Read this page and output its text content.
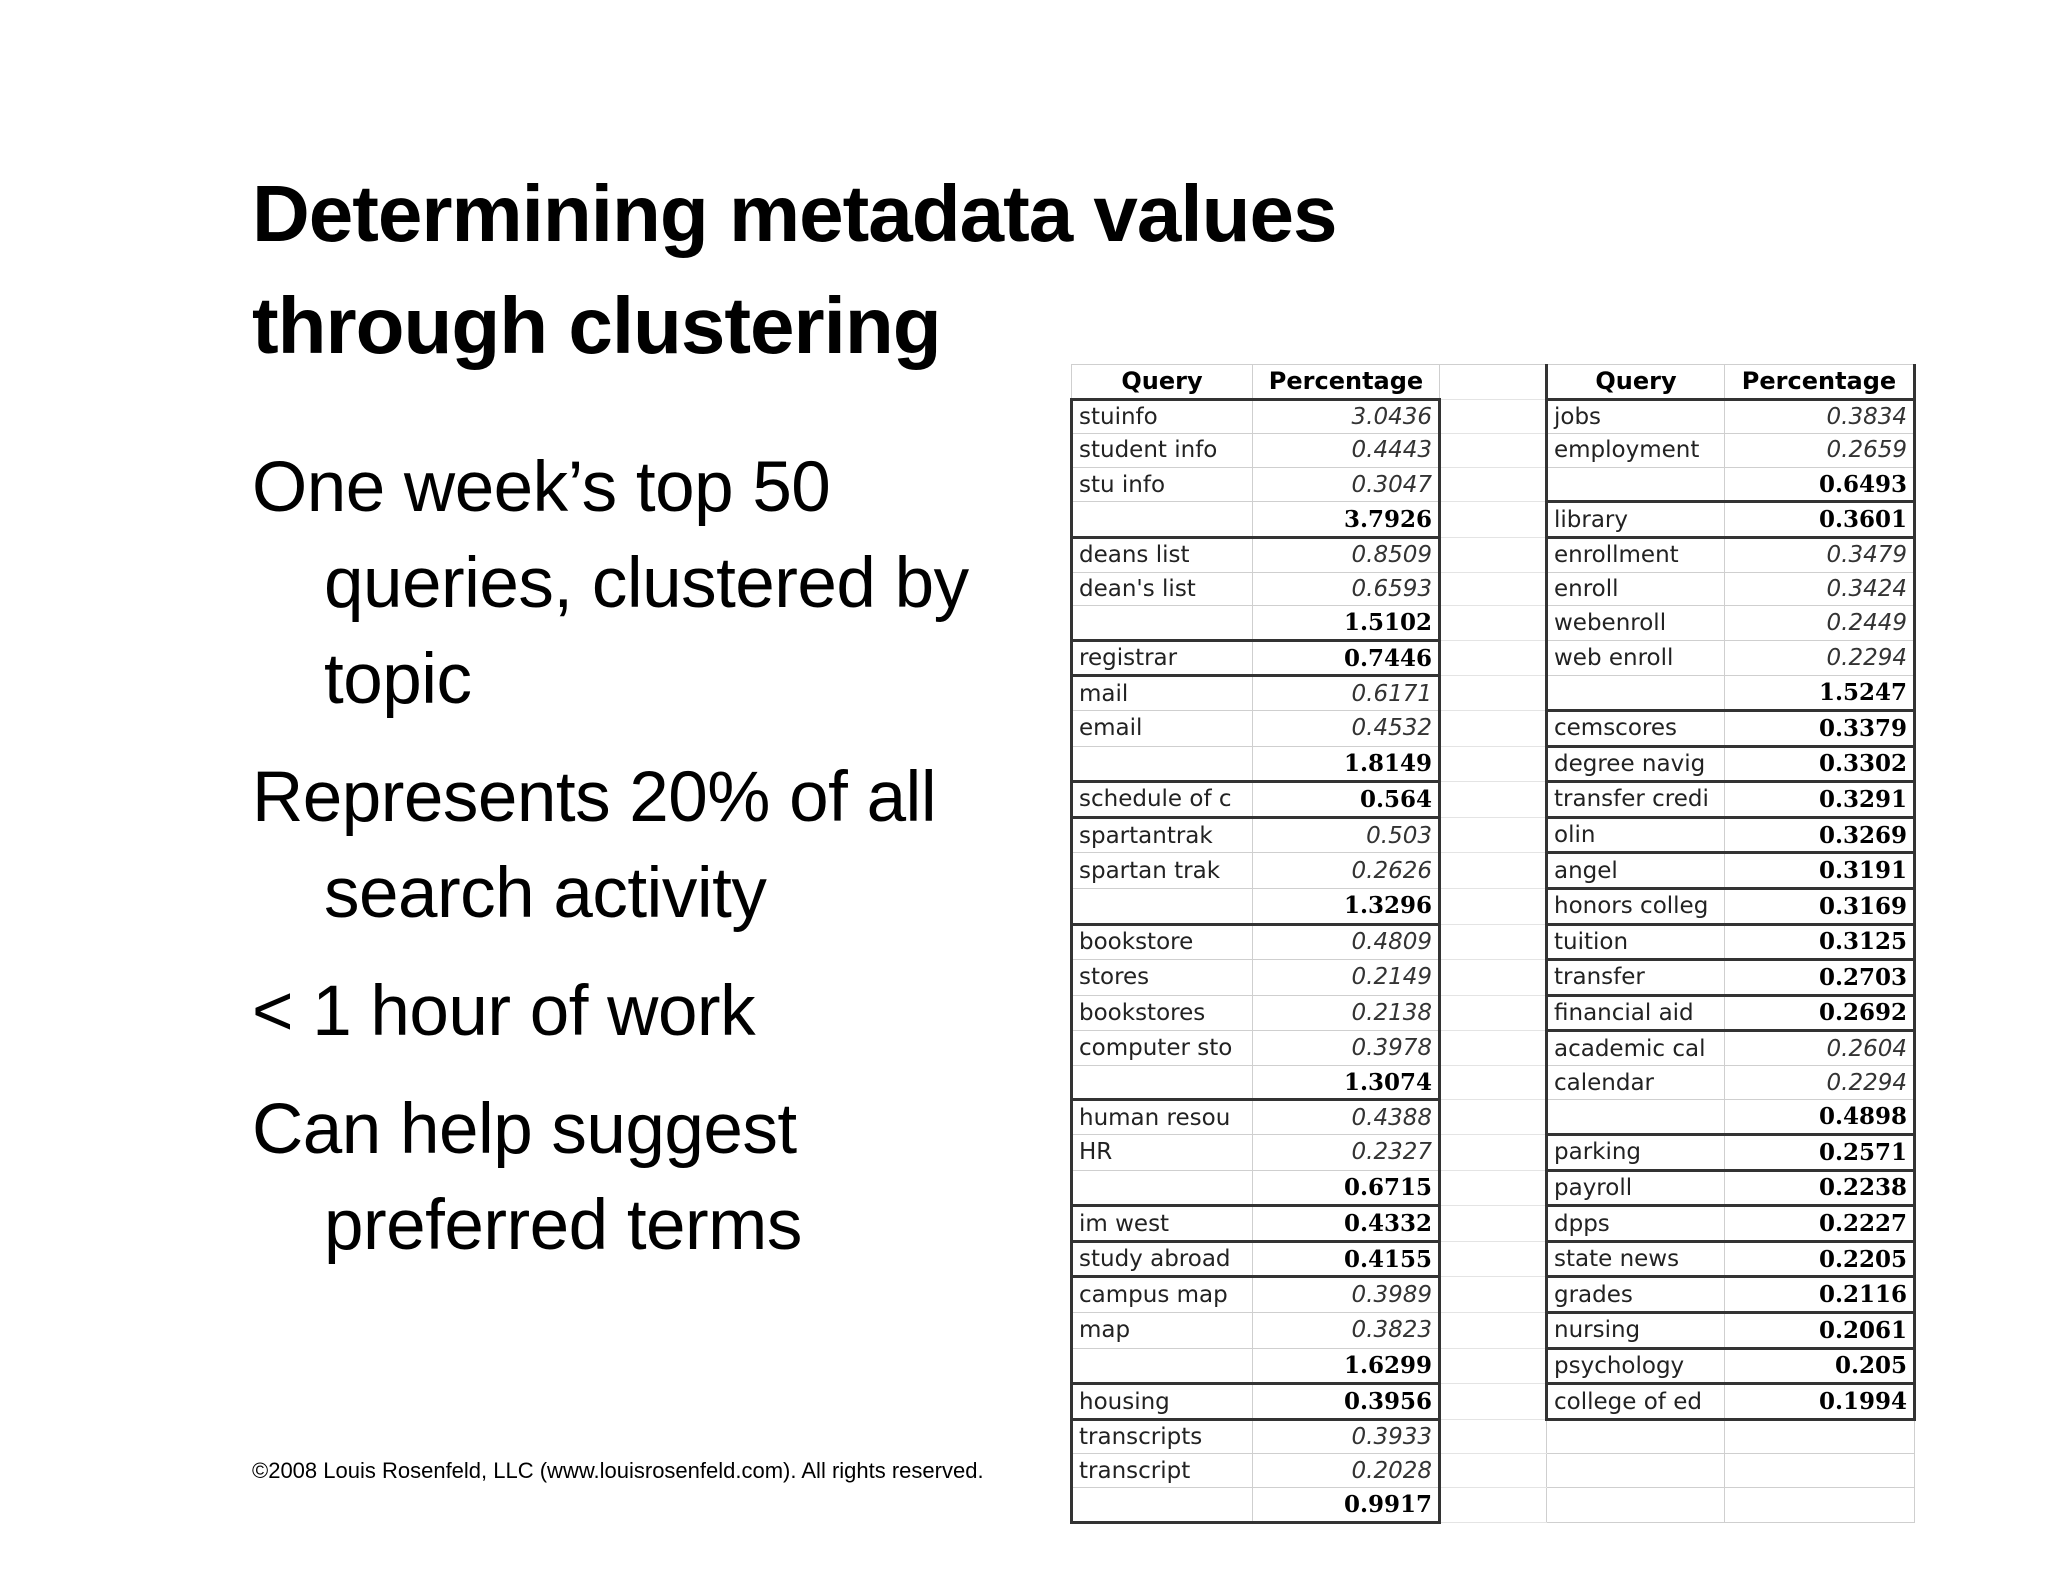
Determining metadata values
through clustering
One week’s top 50 queries, clustered by topic
Represents 20% of all search activity
< 1 hour of work
Can help suggest preferred terms
©2008 Louis Rosenfeld, LLC (www.louisrosenfeld.com). All rights reserved.
Query	Percentage		Query	Percentage
stuinfo	3.0436		jobs	0.3834
student info	0.4443		employment	0.2659
stu info	0.3047			0.6493
	3.7926		library	0.3601
deans list	0.8509		enrollment	0.3479
dean's list	0.6593		enroll	0.3424
	1.5102		webenroll	0.2449
registrar	0.7446		web enroll	0.2294
mail	0.6171			1.5247
email	0.4532		cemscores	0.3379
	1.8149		degree navig	0.3302
schedule of c	0.564		transfer credi	0.3291
spartantrak	0.503		olin	0.3269
spartan trak	0.2626		angel	0.3191
	1.3296		honors colleg	0.3169
bookstore	0.4809		tuition	0.3125
stores	0.2149		transfer	0.2703
bookstores	0.2138		financial aid	0.2692
computer sto	0.3978		academic cal	0.2604
	1.3074		calendar	0.2294
human resou	0.4388			0.4898
HR	0.2327		parking	0.2571
	0.6715		payroll	0.2238
im west	0.4332		dpps	0.2227
study abroad	0.4155		state news	0.2205
campus map	0.3989		grades	0.2116
map	0.3823		nursing	0.2061
	1.6299		psychology	0.205
housing	0.3956		college of ed	0.1994
transcripts	0.3933			
transcript	0.2028			
	0.9917			
